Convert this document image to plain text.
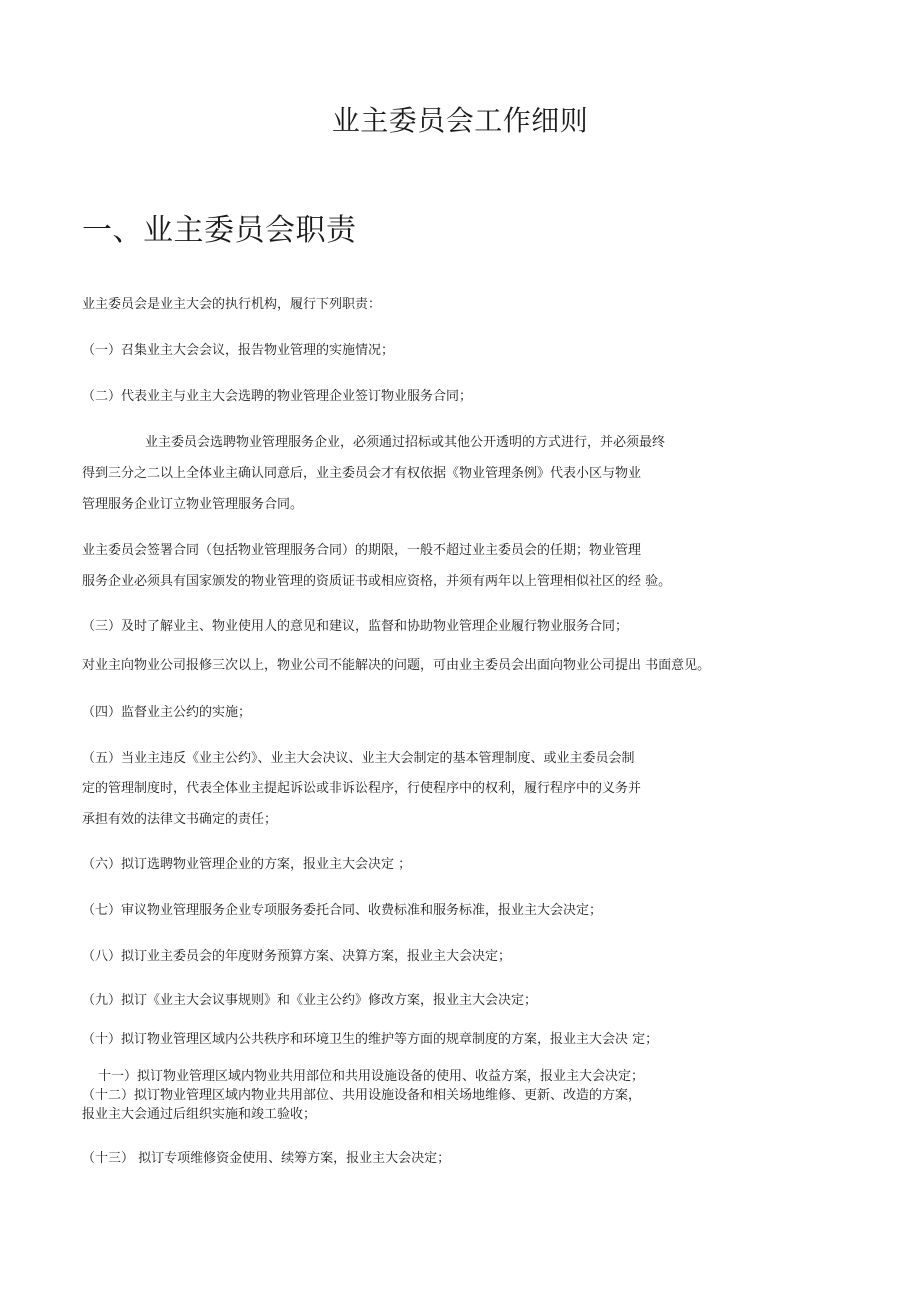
业主委员会工作细则
一、业主委员会职责
业主委员会是业主大会的执行机构，履行下列职责：
（一）召集业主大会会议，报告物业管理的实施情况；
（二）代表业主与业主大会选聘的物业管理企业签订物业服务合同；
业主委员会选聘物业管理服务企业，必须通过招标或其他公开透明的方式进行，并必须最终
得到三分之二以上全体业主确认同意后，业主委员会才有权依据《物业管理条例》代表小区与物业
管理服务企业订立物业管理服务合同。
业主委员会签署合同（包括物业管理服务合同）的期限，一般不超过业主委员会的任期；物业管理
服务企业必须具有国家颁发的物业管理的资质证书或相应资格，并须有两年以上管理相似社区的经 验。
（三）及时了解业主、物业使用人的意见和建议，监督和协助物业管理企业履行物业服务合同；
对业主向物业公司报修三次以上，物业公司不能解决的问题，可由业主委员会出面向物业公司提出 书面意见。
（四）监督业主公约的实施；
（五）当业主违反《业主公约》、业主大会决议、业主大会制定的基本管理制度、或业主委员会制
定的管理制度时，代表全体业主提起诉讼或非诉讼程序，行使程序中的权利，履行程序中的义务并
承担有效的法律文书确定的责任；
（六）拟订选聘物业管理企业的方案，报业主大会决定 ；
（七）审议物业管理服务企业专项服务委托合同、收费标准和服务标准，报业主大会决定；
（八）拟订业主委员会的年度财务预算方案、决算方案，报业主大会决定；
（九）拟订《业主大会议事规则》和《业主公约》修改方案，报业主大会决定；
（十）拟订物业管理区域内公共秩序和环境卫生的维护等方面的规章制度的方案，报业主大会决 定；
十一）拟订物业管理区域内物业共用部位和共用设施设备的使用、收益方案，报业主大会决定；
（十二）拟订物业管理区域内物业共用部位、共用设施设备和相关场地维修、更新、改造的方案，
报业主大会通过后组织实施和竣工验收；
（十三） 拟订专项维修资金使用、续筹方案，报业主大会决定；
